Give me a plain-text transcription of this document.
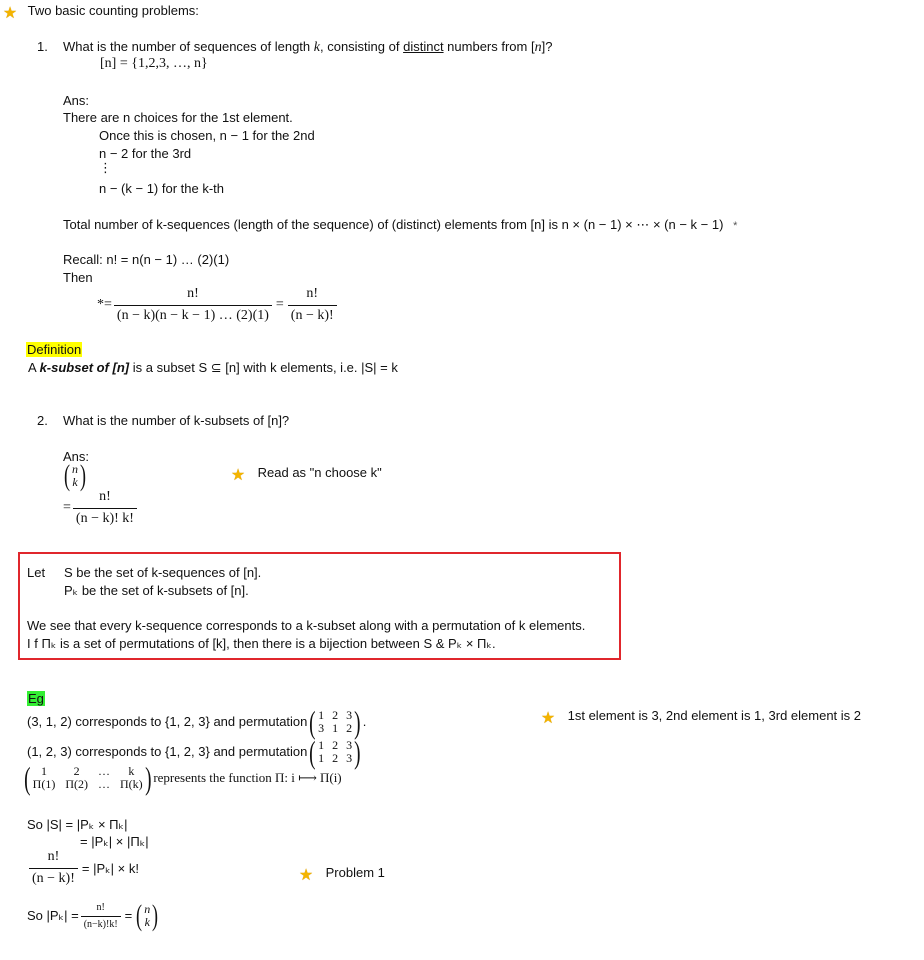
★ Two basic counting problems:
1. What is the number of sequences of length k, consisting of distinct numbers from [n]?
[n] = {1,2,3, …, n}
Ans:
There are n choices for the 1st element.
Once this is chosen, n − 1 for the 2nd
n − 2 for the 3rd
⋮
n − (k − 1) for the k-th
Total number of k-sequences (length of the sequence) of (distinct) elements from [n] is n × (n − 1) × ⋯ × (n − k − 1) *
Recall: n! = n(n − 1) … (2)(1)
Then
*= $\frac{n!}{(n - k)(n - k - 1) \dots (2)(1)} = \frac{n!}{(n - k)!}$
Definition
A k-subset of [n] is a subset S ⊆ [n] with k elements, i.e. |S| = k
2. What is the number of k-subsets of [n]?
Ans:
( n
k )
= $\frac{n!}{(n - k)! k!}$
★ Read as "n choose k"
Let S be the set of k-sequences of [n].
Pₖ be the set of k-subsets of [n].
We see that every k-sequence corresponds to a k-subset along with a permutation of k elements.
I f Πₖ is a set of permutations of [k], then there is a bijection between S & Pₖ × Πₖ.
Eg
(3, 1, 2) corresponds to {1, 2, 3} and permutation ( 1 2 3
3 1 2 ) .
(1, 2, 3) corresponds to {1, 2, 3} and permutation ( 1 2 3
1 2 3 )
( 1	2	…	k
Π(1) Π(2) … Π(k) ) represents the function Π: i ⟼ Π(i)
★ 1st element is 3, 2nd element is 1, 3rd element is 2
So |S| = |Pₖ × Πₖ|
= |Pₖ| × |Πₖ|
$\frac{n!}{(n - k)!} = |P_k| \times k$!	★ Problem 1
So $|P_k| = \frac{n!}{(n-k)!k!}$ = ( n
k )
